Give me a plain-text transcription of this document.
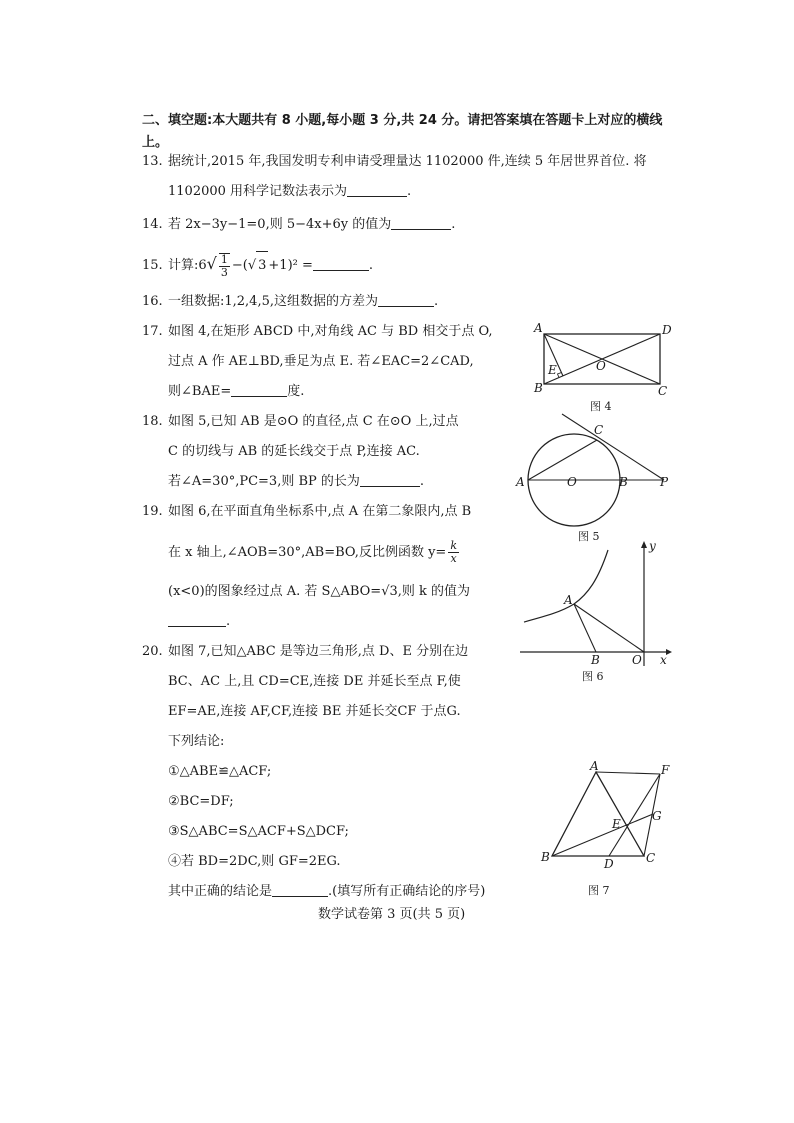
二、填空题:本大题共有 8 小题,每小题 3 分,共 24 分。请把答案填在答题卡上对应的横线上。
13. 据统计,2015 年,我国发明专利申请受理量达 1102000 件,连续 5 年居世界首位. 将
1102000 用科学记数法表示为	.
14. 若 2x−3y−1=0,则 5−4x+6y 的值为	.
15. 计算:6√ $\frac{1}{3}$ −(√ 3 +1)² =	.
16. 一组数据:1,2,4,5,这组数据的方差为	.
17. 如图 4,在矩形 ABCD 中,对角线 AC 与 BD 相交于点 O,
过点 A 作 AE⊥BD,垂足为点 E. 若∠EAC=2∠CAD,
则∠BAE=	度.
18. 如图 5,已知 AB 是⊙O 的直径,点 C 在⊙O 上,过点
C 的切线与 AB 的延长线交于点 P,连接 AC.
若∠A=30°,PC=3,则 BP 的长为	.
19. 如图 6,在平面直角坐标系中,点 A 在第二象限内,点 B
在 x 轴上,∠AOB=30°,AB=BO,反比例函数 $y= \frac{k}{x}$
(x<0)的图象经过点 A. 若 S△ABO=√3,则 k 的值为
.
20. 如图 7,已知△ABC 是等边三角形,点 D、E 分别在边
BC、AC 上,且 CD=CE,连接 DE 并延长至点 F,使
EF=AE,连接 AF,CF,连接 BE 并延长交CF 于点G.
下列结论:
①△ABE≌△ACF;
②BC=DF;
③S△ABC=S△ACF+S△DCF;
④若 BD=2DC,则 GF=2EG.
其中正确的结论是	.(填写所有正确结论的序号)
A	D
E	O
B	C
图 4
C
A	O	B	P
图 5
y
A
B	O x
图 6
A	F
G
E
B	D	C
图 7
数学试卷第 3 页(共 5 页)
